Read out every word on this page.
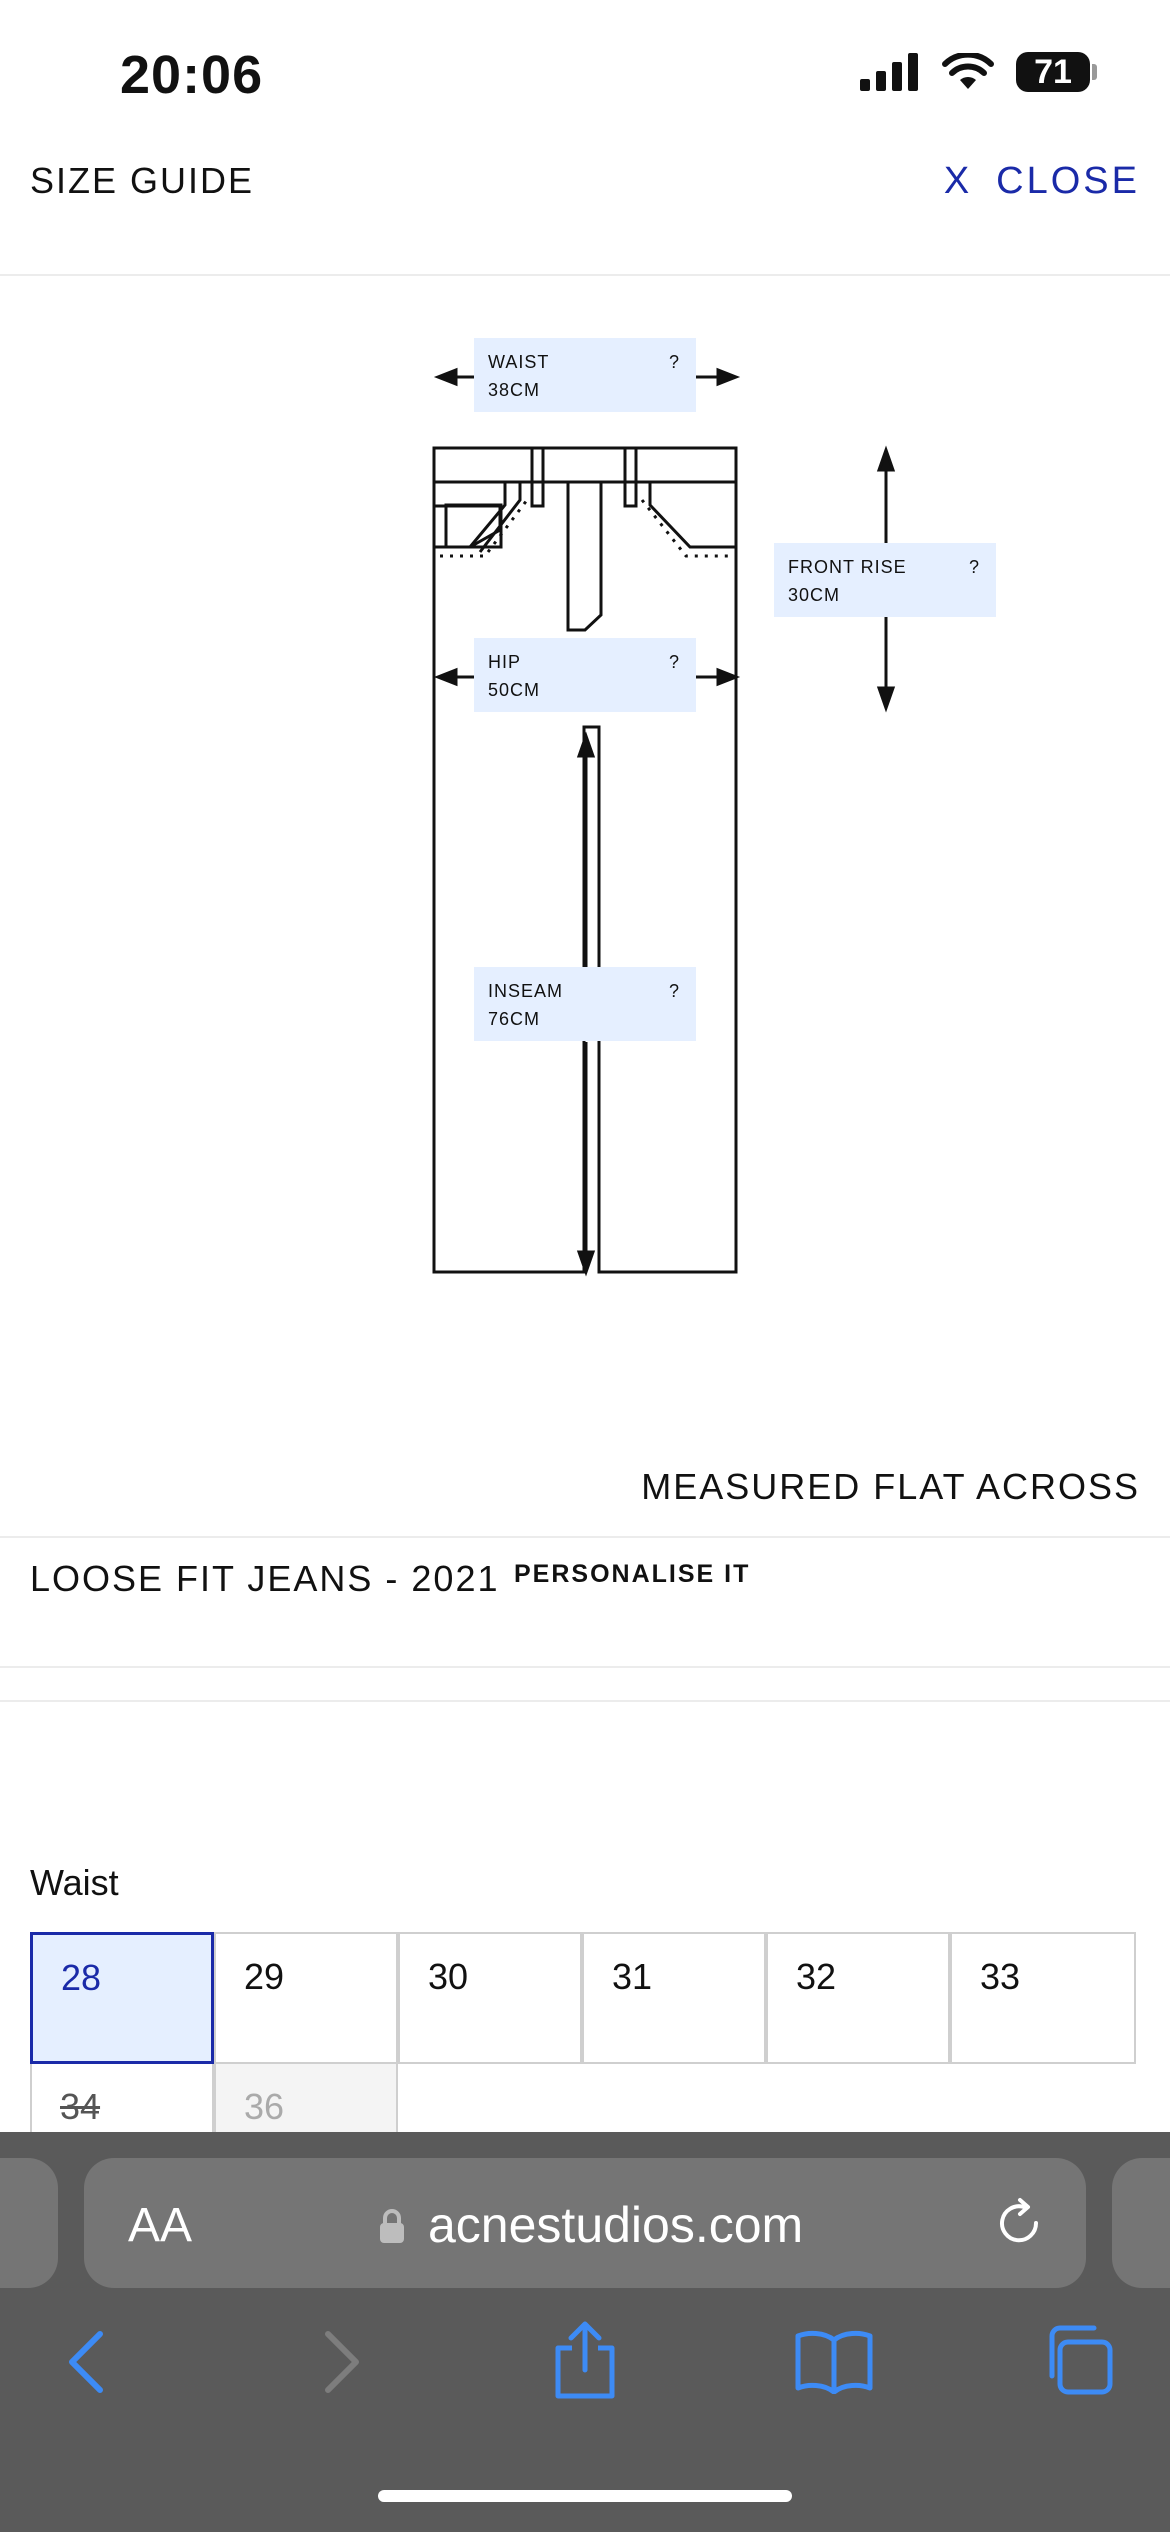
20:06	71
SIZE GUIDE	X CLOSE
WAIST
38CM
?
HIP
50CM
?
INSEAM
76CM
?
FRONT RISE
30CM
?
MEASURED FLAT ACROSS
LOOSE FIT JEANS - 2021 PERSONALISE IT
Waist
28	29	30	31	32	33
34	36
AA	acnestudios.com
